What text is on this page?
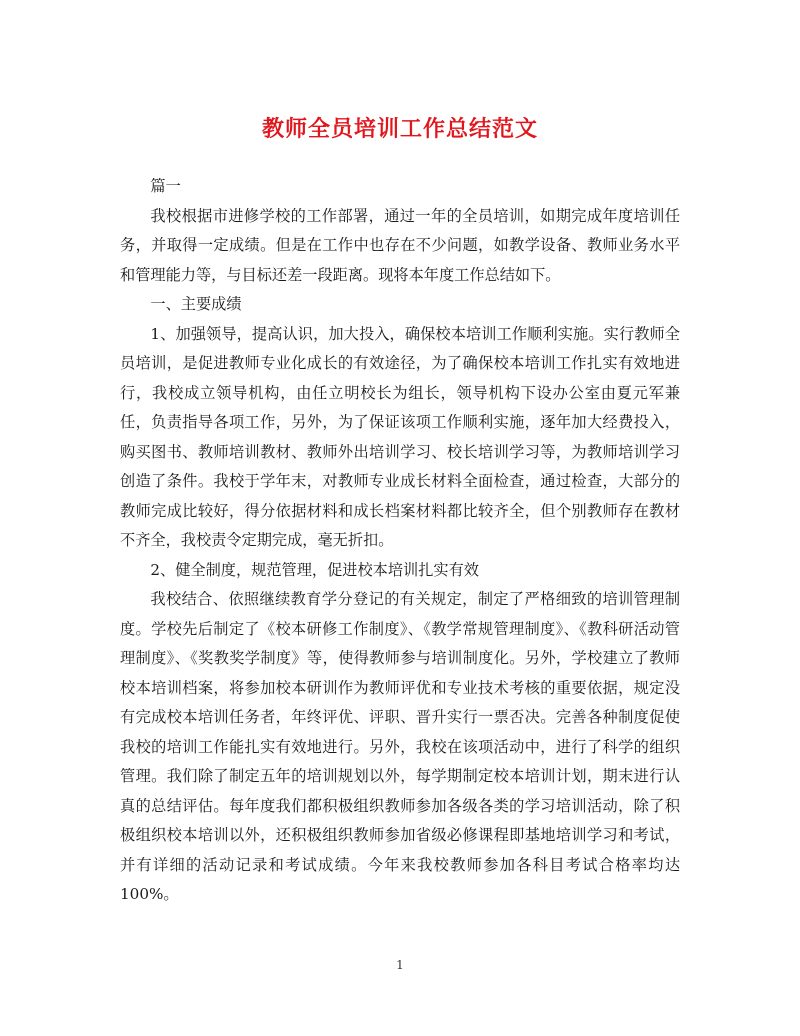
教师全员培训工作总结范文

篇一

我校根据市进修学校的工作部署，通过一年的全员培训，如期完成年度培训任务，并取得一定成绩。但是在工作中也存在不少问题，如教学设备、教师业务水平和管理能力等，与目标还差一段距离。现将本年度工作总结如下。

一、主要成绩

1、加强领导，提高认识，加大投入，确保校本培训工作顺利实施。实行教师全员培训，是促进教师专业化成长的有效途径，为了确保校本培训工作扎实有效地进行，我校成立领导机构，由任立明校长为组长，领导机构下设办公室由夏元军兼任，负责指导各项工作，另外，为了保证该项工作顺利实施，逐年加大经费投入，购买图书、教师培训教材、教师外出培训学习、校长培训学习等，为教师培训学习创造了条件。我校于学年末，对教师专业成长材料全面检查，通过检查，大部分的教师完成比较好，得分依据材料和成长档案材料都比较齐全，但个别教师存在教材不齐全，我校责令定期完成，毫无折扣。

2、健全制度，规范管理，促进校本培训扎实有效

我校结合、依照继续教育学分登记的有关规定，制定了严格细致的培训管理制度。学校先后制定了《校本研修工作制度》、《教学常规管理制度》、《教科研活动管理制度》、《奖教奖学制度》等，使得教师参与培训制度化。另外，学校建立了教师校本培训档案，将参加校本研训作为教师评优和专业技术考核的重要依据，规定没有完成校本培训任务者，年终评优、评职、晋升实行一票否决。完善各种制度促使我校的培训工作能扎实有效地进行。另外，我校在该项活动中，进行了科学的组织管理。我们除了制定五年的培训规划以外，每学期制定校本培训计划，期末进行认真的总结评估。每年度我们都积极组织教师参加各级各类的学习培训活动，除了积极组织校本培训以外，还积极组织教师参加省级必修课程即基地培训学习和考试，并有详细的活动记录和考试成绩。今年来我校教师参加各科目考试合格率均达100%。

1
